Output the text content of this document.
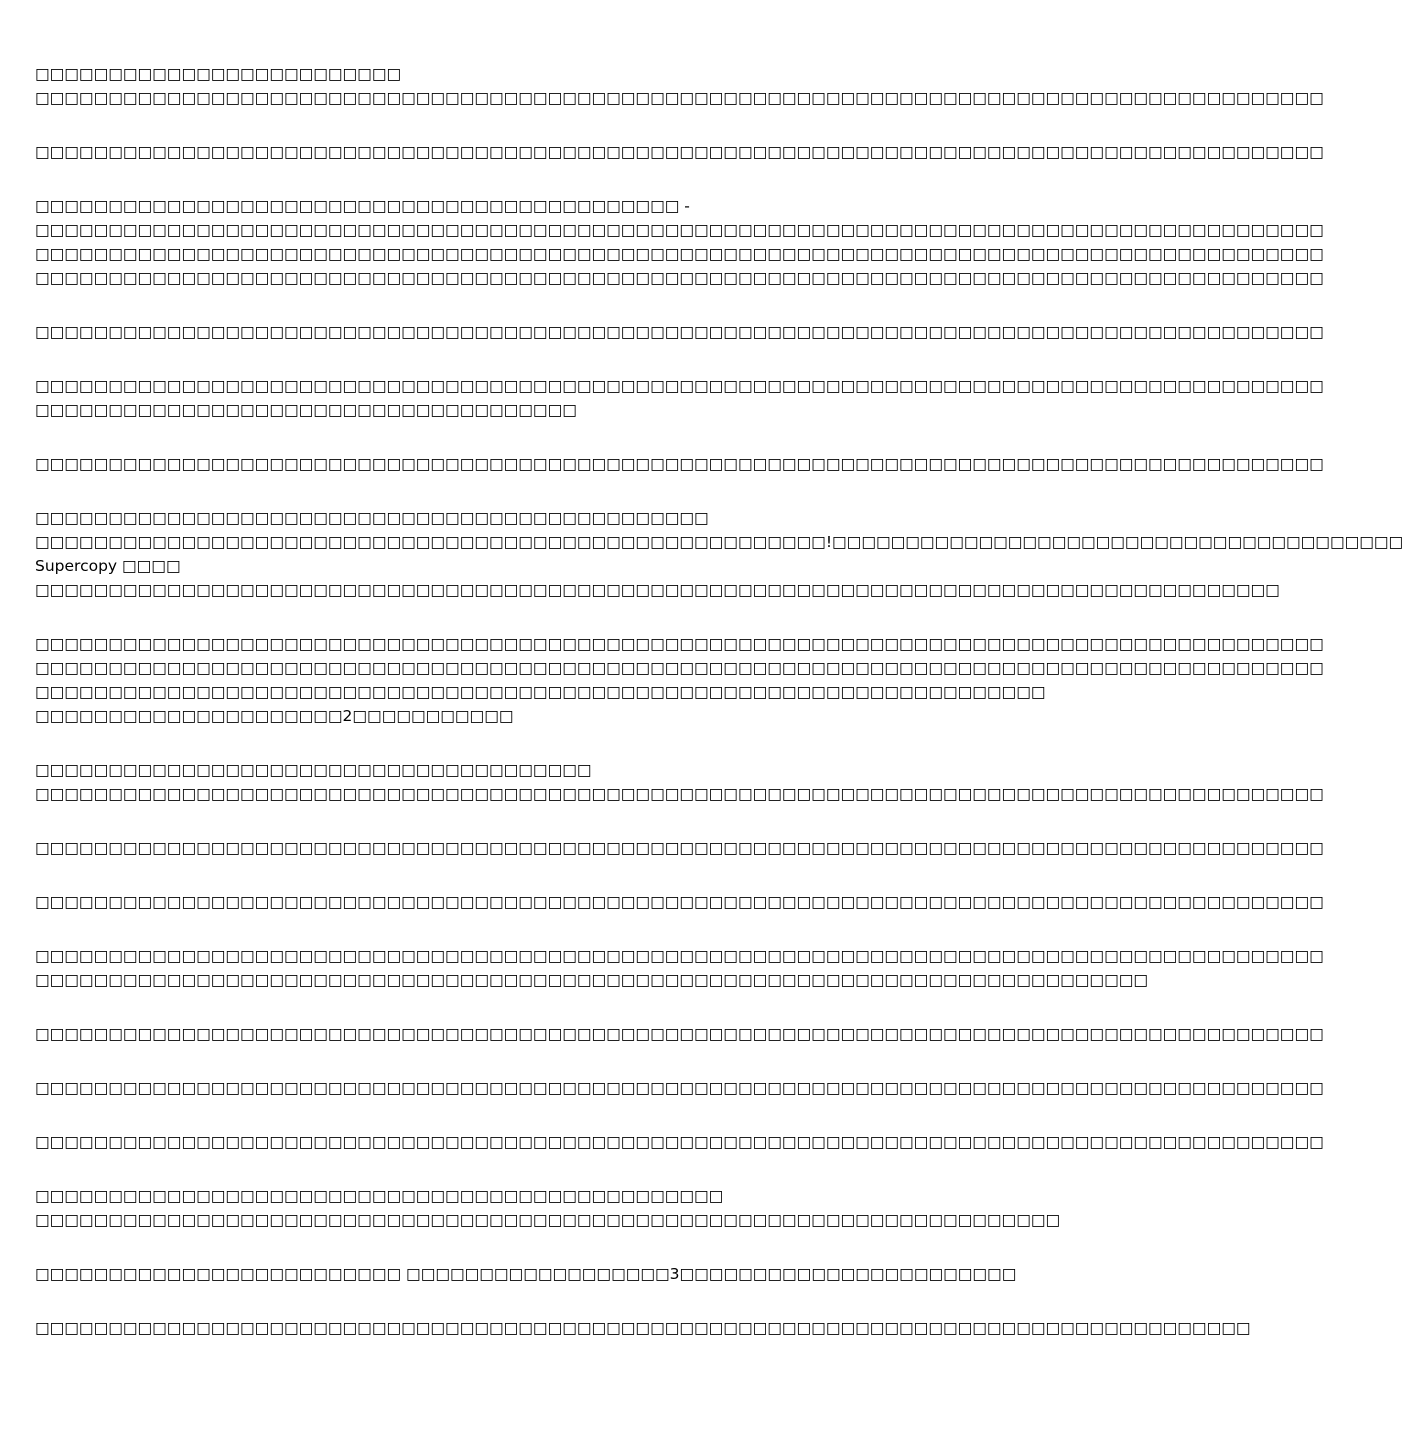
□□□□□□□□□□□□□□□□□□□□□□□□□
□□□□□□□□□□□□□□□□□□□□□□□□□□□□□□□□□□□□□□□□□□□□□□□□□□□□□□□□□□□□□□□□□□□□□□□□□□□□□□□□□□□□□□□□
□□□□□□□□□□□□□□□□□□□□□□□□□□□□□□□□□□□□□□□□□□□□□□□□□□□□□□□□□□□□□□□□□□□□□□□□□□□□□□□□□□□□□□□□
□□□□□□□□□□□□□□□□□□□□□□□□□□□□□□□□□□□□□□□□□□□□ -
□□□□□□□□□□□□□□□□□□□□□□□□□□□□□□□□□□□□□□□□□□□□□□□□□□□□□□□□□□□□□□□□□□□□□□□□□□□□□□□□□□□□□□□□
□□□□□□□□□□□□□□□□□□□□□□□□□□□□□□□□□□□□□□□□□□□□□□□□□□□□□□□□□□□□□□□□□□□□□□□□□□□□□□□□□□□□□□□□
□□□□□□□□□□□□□□□□□□□□□□□□□□□□□□□□□□□□□□□□□□□□□□□□□□□□□□□□□□□□□□□□□□□□□□□□□□□□□□□□□□□□□□□□
□□□□□□□□□□□□□□□□□□□□□□□□□□□□□□□□□□□□□□□□□□□□□□□□□□□□□□□□□□□□□□□□□□□□□□□□□□□□□□□□□□□□□□□□
□□□□□□□□□□□□□□□□□□□□□□□□□□□□□□□□□□□□□□□□□□□□□□□□□□□□□□□□□□□□□□□□□□□□□□□□□□□□□□□□□□□□□□□□
□□□□□□□□□□□□□□□□□□□□□□□□□□□□□□□□□□□□□
□□□□□□□□□□□□□□□□□□□□□□□□□□□□□□□□□□□□□□□□□□□□□□□□□□□□□□□□□□□□□□□□□□□□□□□□□□□□□□□□□□□□□□□□
□□□□□□□□□□□□□□□□□□□□□□□□□□□□□□□□□□□□□□□□□□□□□□
□□□□□□□□□□□□□□□□□□□□□□□□□□□□□□□□□□□□□□□□□□□□□□□□□□□□□□!□□□□□□□□□□□□□□□□□□□□□□□□□□□□□□□□□□□□□□□
Supercopy □□□□
□□□□□□□□□□□□□□□□□□□□□□□□□□□□□□□□□□□□□□□□□□□□□□□□□□□□□□□□□□□□□□□□□□□□□□□□□□□□□□□□□□□□□
□□□□□□□□□□□□□□□□□□□□□□□□□□□□□□□□□□□□□□□□□□□□□□□□□□□□□□□□□□□□□□□□□□□□□□□□□□□□□□□□□□□□□□□□
□□□□□□□□□□□□□□□□□□□□□□□□□□□□□□□□□□□□□□□□□□□□□□□□□□□□□□□□□□□□□□□□□□□□□□□□□□□□□□□□□□□□□□□□
□□□□□□□□□□□□□□□□□□□□□□□□□□□□□□□□□□□□□□□□□□□□□□□□□□□□□□□□□□□□□□□□□□□□□
□□□□□□□□□□□□□□□□□□□□□2□□□□□□□□□□□
□□□□□□□□□□□□□□□□□□□□□□□□□□□□□□□□□□□□□□
□□□□□□□□□□□□□□□□□□□□□□□□□□□□□□□□□□□□□□□□□□□□□□□□□□□□□□□□□□□□□□□□□□□□□□□□□□□□□□□□□□□□□□□□
□□□□□□□□□□□□□□□□□□□□□□□□□□□□□□□□□□□□□□□□□□□□□□□□□□□□□□□□□□□□□□□□□□□□□□□□□□□□□□□□□□□□□□□□
□□□□□□□□□□□□□□□□□□□□□□□□□□□□□□□□□□□□□□□□□□□□□□□□□□□□□□□□□□□□□□□□□□□□□□□□□□□□□□□□□□□□□□□□
□□□□□□□□□□□□□□□□□□□□□□□□□□□□□□□□□□□□□□□□□□□□□□□□□□□□□□□□□□□□□□□□□□□□□□□□□□□□□□□□□□□□□□□□
□□□□□□□□□□□□□□□□□□□□□□□□□□□□□□□□□□□□□□□□□□□□□□□□□□□□□□□□□□□□□□□□□□□□□□□□□□□□
□□□□□□□□□□□□□□□□□□□□□□□□□□□□□□□□□□□□□□□□□□□□□□□□□□□□□□□□□□□□□□□□□□□□□□□□□□□□□□□□□□□□□□□□
□□□□□□□□□□□□□□□□□□□□□□□□□□□□□□□□□□□□□□□□□□□□□□□□□□□□□□□□□□□□□□□□□□□□□□□□□□□□□□□□□□□□□□□□
□□□□□□□□□□□□□□□□□□□□□□□□□□□□□□□□□□□□□□□□□□□□□□□□□□□□□□□□□□□□□□□□□□□□□□□□□□□□□□□□□□□□□□□□
□□□□□□□□□□□□□□□□□□□□□□□□□□□□□□□□□□□□□□□□□□□□□□□
□□□□□□□□□□□□□□□□□□□□□□□□□□□□□□□□□□□□□□□□□□□□□□□□□□□□□□□□□□□□□□□□□□□□□□
□□□□□□□□□□□□□□□□□□□□□□□□□ □□□□□□□□□□□□□□□□□□3□□□□□□□□□□□□□□□□□□□□□□□
□□□□□□□□□□□□□□□□□□□□□□□□□□□□□□□□□□□□□□□□□□□□□□□□□□□□□□□□□□□□□□□□□□□□□□□□□□□□□□□□□□□
